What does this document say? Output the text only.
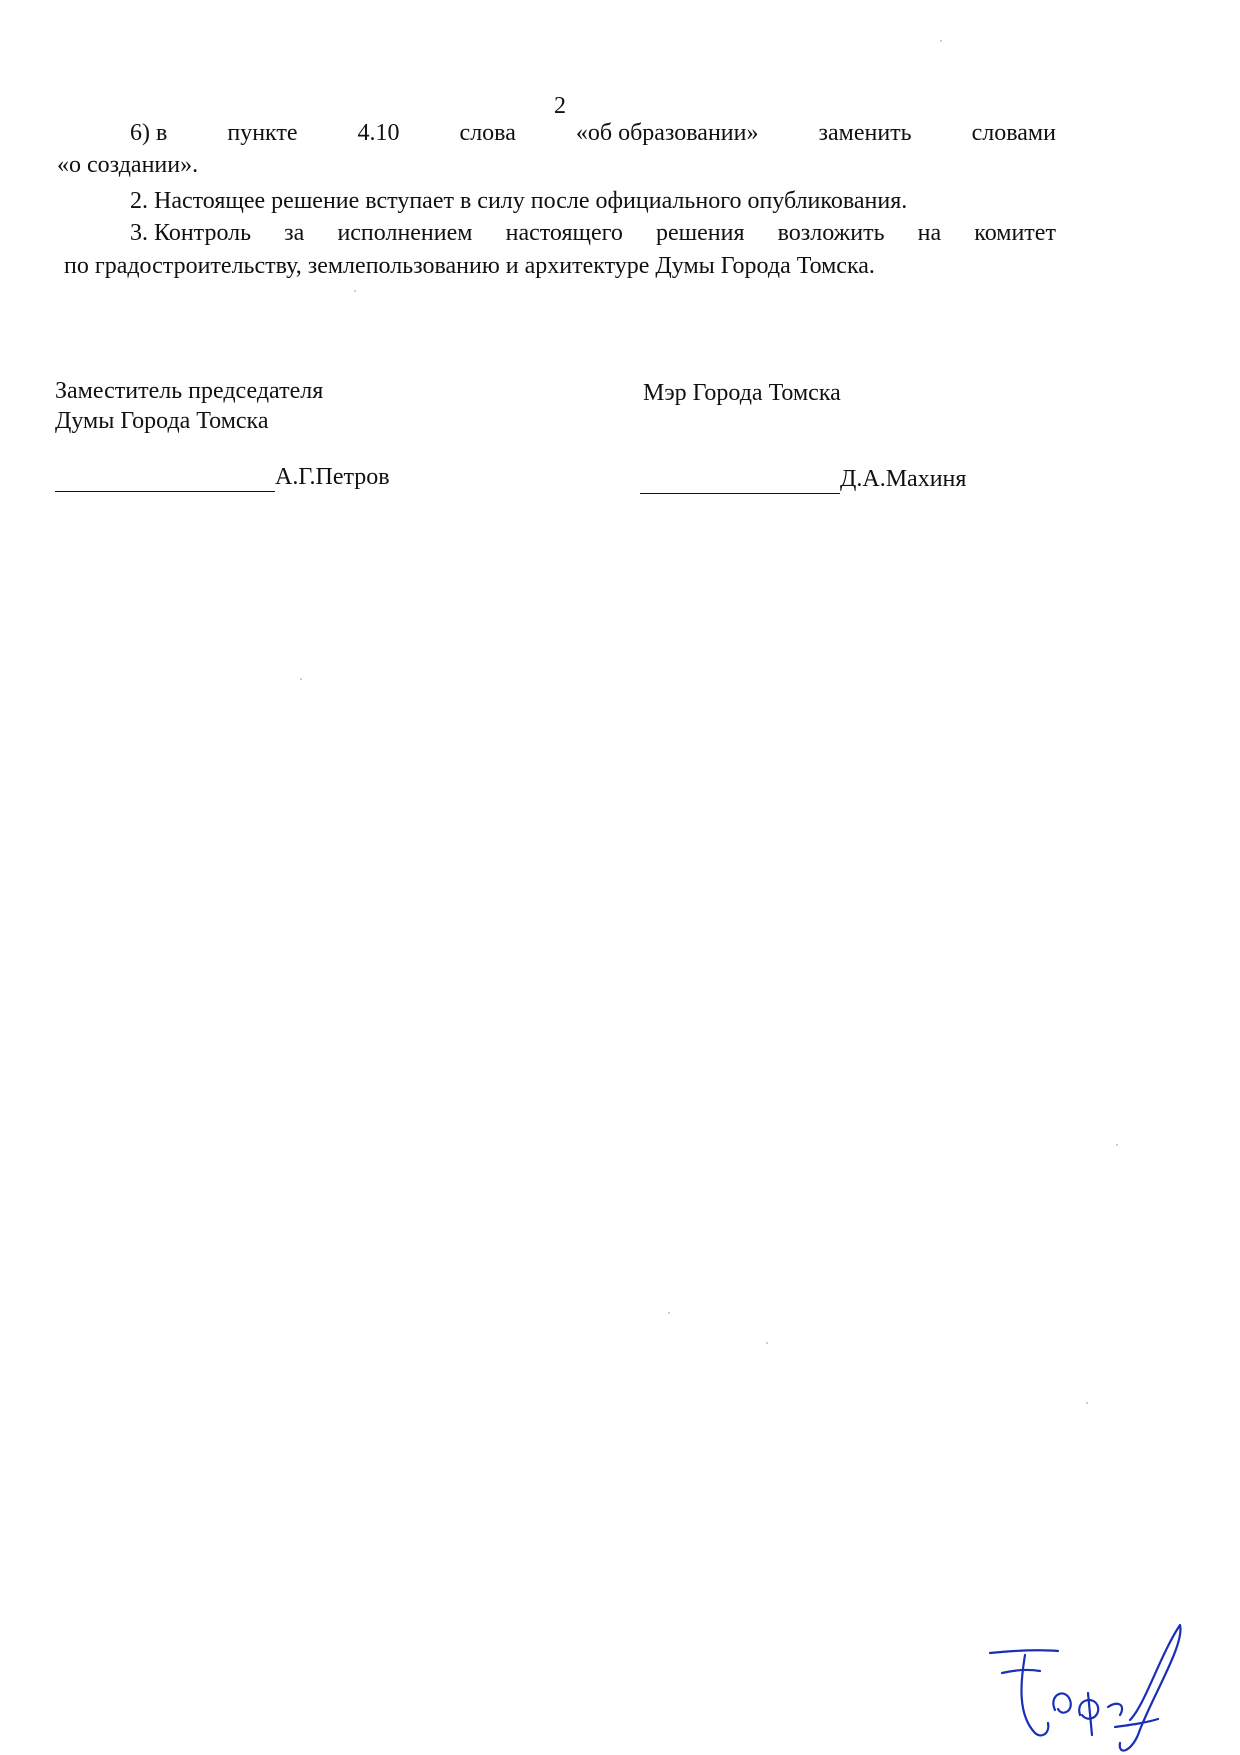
2
6) в	пункте	4.10	слова	«об образовании»	заменить	словами
«о создании».
2. Настоящее решение вступает в силу после официального опубликования.
3. Контроль за исполнением настоящего решения возложить на комитет
по градостроительству, землепользованию и архитектуре Думы Города Томска.
Заместитель председателя
Думы Города Томска
А.Г.Петров
Мэр Города Томска
Д.А.Махиня
